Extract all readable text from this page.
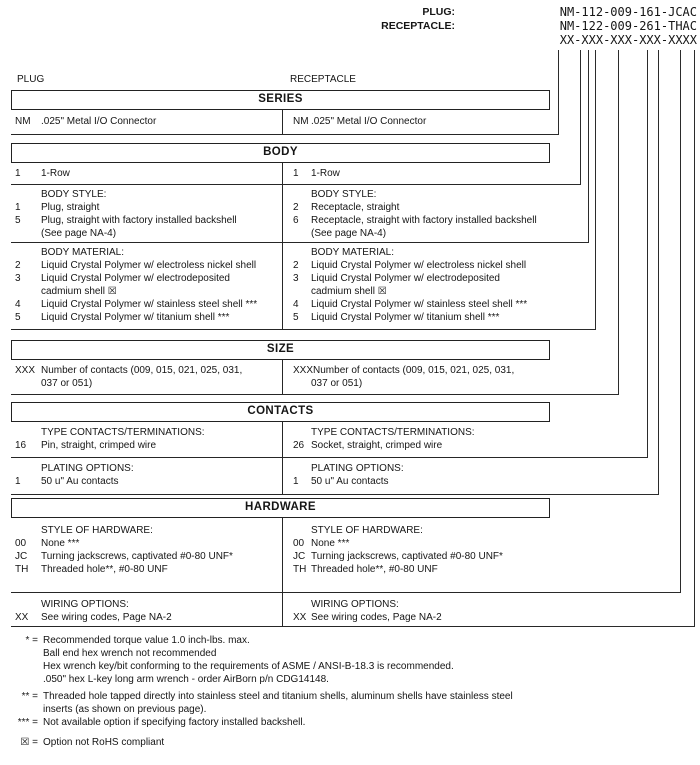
PLUG:	NM-112-009-161-JCAC
RECEPTACLE:	NM-122-009-261-THAC
XX-XXX-XXX-XXX-XXXX
PLUG	RECEPTACLE
SERIES
NM	.025" Metal I/O Connector	NM .025" Metal I/O Connector
BODY
1	1-Row	1	1-Row
BODY STYLE:
1	Plug, straight
5	Plug, straight with factory installed backshell
(See page NA-4)
BODY STYLE:
2	Receptacle, straight
6	Receptacle, straight with factory installed backshell
(See page NA-4)
BODY MATERIAL:
2	Liquid Crystal Polymer w/ electroless nickel shell
3	Liquid Crystal Polymer w/ electrodeposited
cadmium shell ☒
4	Liquid Crystal Polymer w/ stainless steel shell ***
5	Liquid Crystal Polymer w/ titanium shell ***
BODY MATERIAL:
2	Liquid Crystal Polymer w/ electroless nickel shell
3	Liquid Crystal Polymer w/ electrodeposited
cadmium shell ☒
4	Liquid Crystal Polymer w/ stainless steel shell ***
5	Liquid Crystal Polymer w/ titanium shell ***
SIZE
XXX Number of contacts (009, 015, 021, 025, 031,
037 or 051)
XXX Number of contacts (009, 015, 021, 025, 031,
037 or 051)
CONTACTS
TYPE CONTACTS/TERMINATIONS:
16	Pin, straight, crimped wire
TYPE CONTACTS/TERMINATIONS:
26 Socket, straight, crimped wire
PLATING OPTIONS:
1	50 u" Au contacts
PLATING OPTIONS:
1	50 u" Au contacts
HARDWARE
STYLE OF HARDWARE:
00	None ***
JC	Turning jackscrews, captivated #0-80 UNF*
TH	Threaded hole**, #0-80 UNF
STYLE OF HARDWARE:
00 None ***
JC Turning jackscrews, captivated #0-80 UNF*
TH Threaded hole**, #0-80 UNF
WIRING OPTIONS:
XX	See wiring codes, Page NA-2
WIRING OPTIONS:
XX See wiring codes, Page NA-2
* = Recommended torque value 1.0 inch-lbs. max.
Ball end hex wrench not recommended
Hex wrench key/bit conforming to the requirements of ASME / ANSI-B-18.3 is recommended.
.050" hex L-key long arm wrench - order AirBorn p/n CDG14148.
** = Threaded hole tapped directly into stainless steel and titanium shells, aluminum shells have stainless steel
inserts (as shown on previous page).
*** = Not available option if specifying factory installed backshell.
☒ = Option not RoHS compliant
